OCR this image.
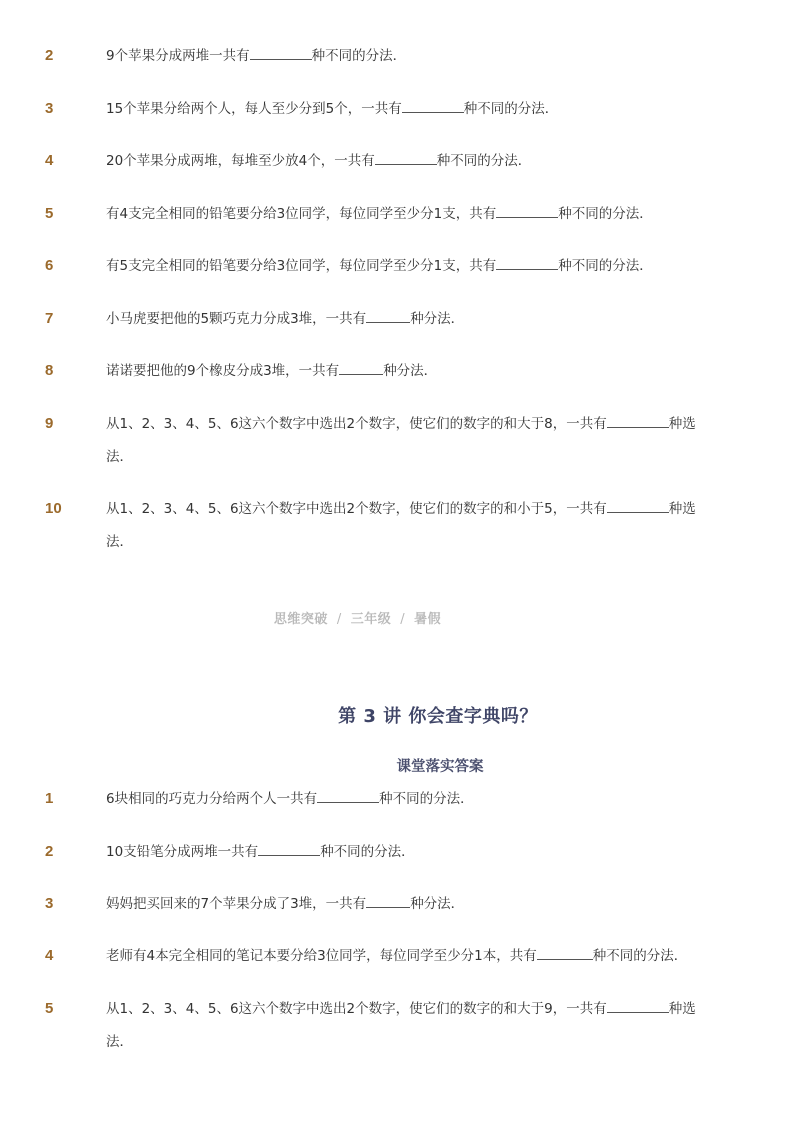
2	9个苹果分成两堆一共有	种不同的分法．
3	15个苹果分给两个人，每人至少分到5个，一共有	种不同的分法．
4	20个苹果分成两堆，每堆至少放4个，一共有	种不同的分法．
5	有4支完全相同的铅笔要分给3位同学，每位同学至少分1支，共有	种不同的分法．
6	有5支完全相同的铅笔要分给3位同学，每位同学至少分1支，共有	种不同的分法．
7	小马虎要把他的5颗巧克力分成3堆，一共有	种分法．
8	诺诺要把他的9个橡皮分成3堆，一共有	种分法．
9	从1、2、3、4、5、6这六个数字中选出2个数字，使它们的数字的和大于8，一共有	种选法．
10	从1、2、3、4、5、6这六个数字中选出2个数字，使它们的数字的和小于5，一共有	种选法．
思维突破 / 三年级 / 暑假
第 3 讲 你会查字典吗？
课堂落实答案
1	6块相同的巧克力分给两个人一共有	种不同的分法．
2	10支铅笔分成两堆一共有	种不同的分法．
3	妈妈把买回来的7个苹果分成了3堆，一共有	种分法．
4	老师有4本完全相同的笔记本要分给3位同学，每位同学至少分1本，共有	种不同的分法．
5	从1、2、3、4、5、6这六个数字中选出2个数字，使它们的数字的和大于9，一共有	种选法．
